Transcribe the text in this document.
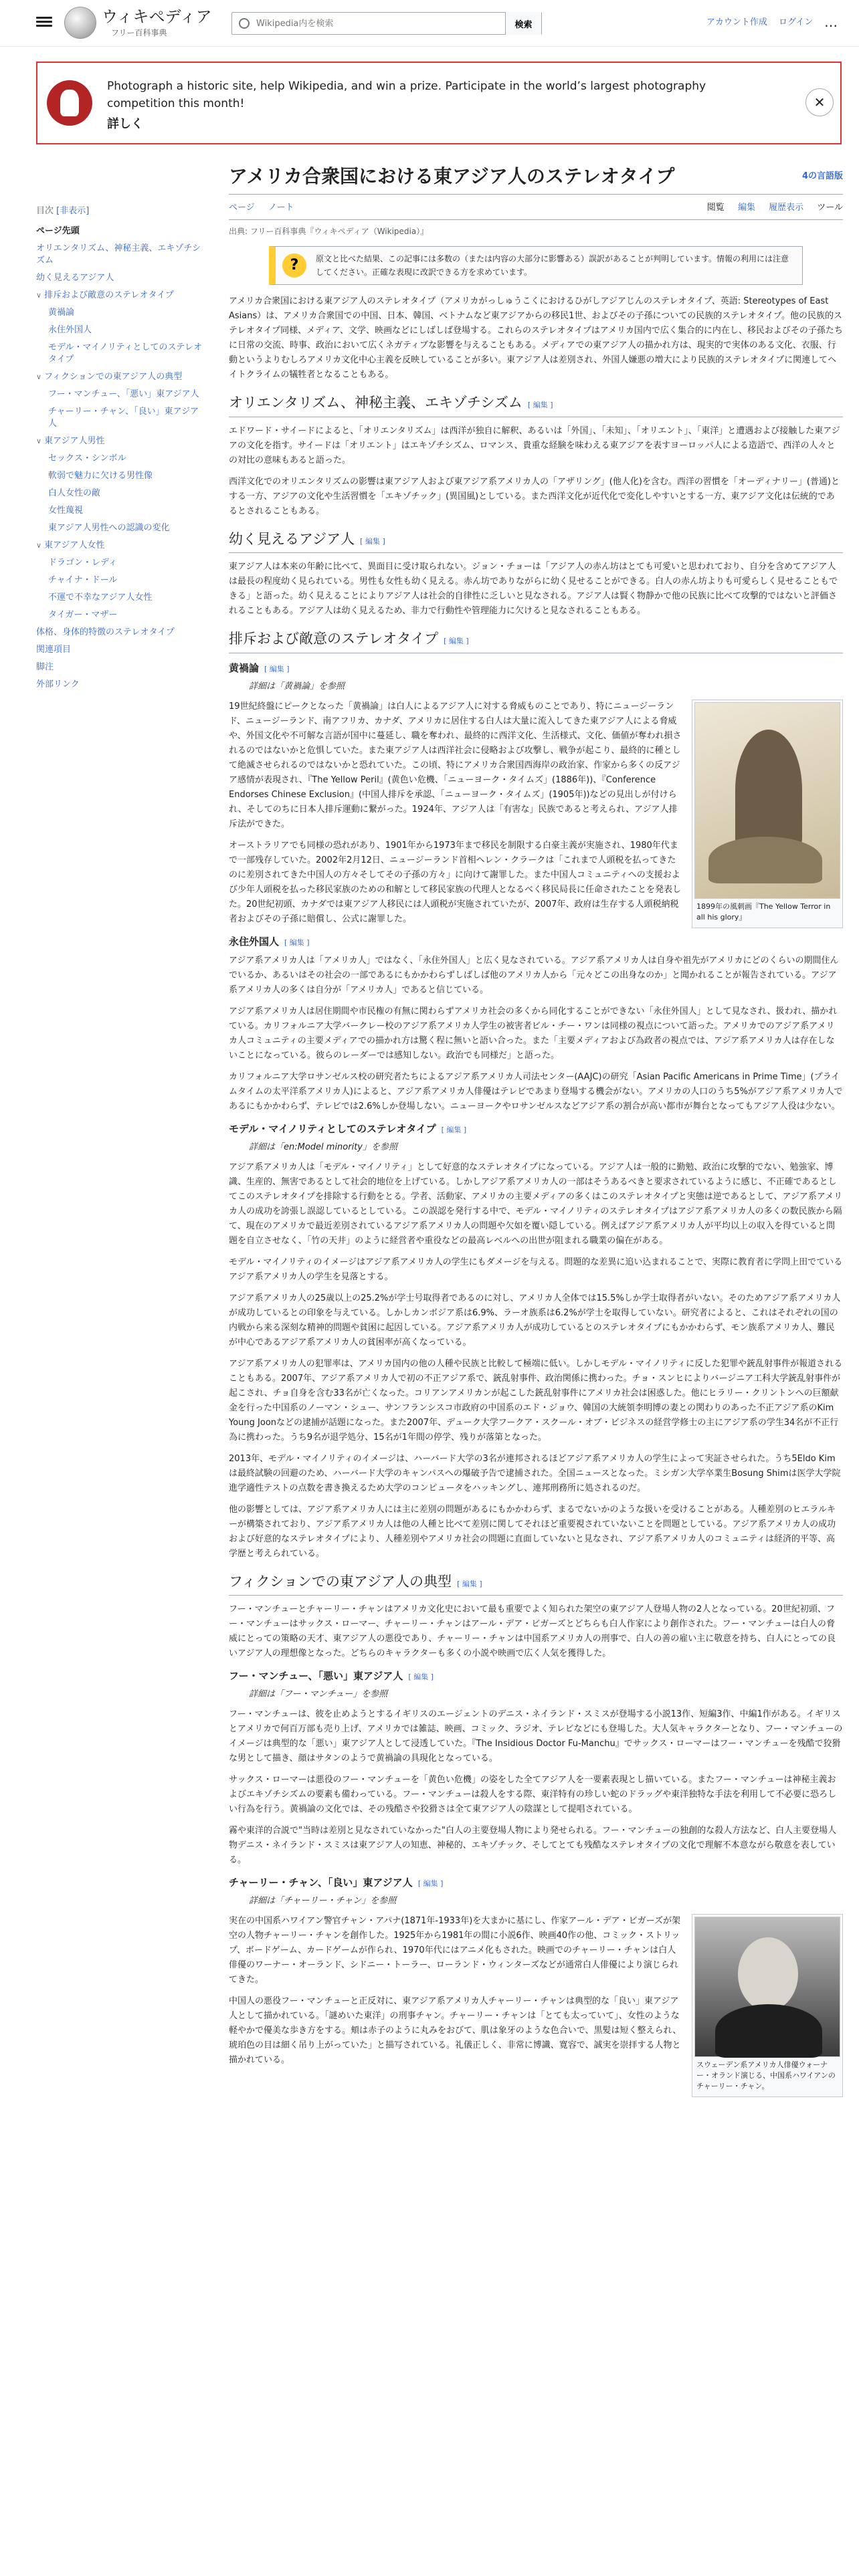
ウィキペディア
フリー百科事典
Wikipedia内を検索
検索	アカウント作成 ログイン ⋯
Photograph a historic site, help Wikipedia, and win a prize. Participate in the world’s largest photography competition this month!
詳しく
✕
目次 [非表示]
ページ先頭
オリエンタリズム、神秘主義、エキゾチシズム
幼く見えるアジア人
∨ 排斥および敵意のステレオタイプ
黄禍論
永住外国人
モデル・マイノリティとしてのステレオタイプ
∨ フィクションでの東アジア人の典型
フー・マンチュー、「悪い」東アジア人
チャーリー・チャン、「良い」東アジア人
∨ 東アジア人男性
セックス・シンボル
軟弱で魅力に欠ける男性像
白人女性の敵
女性蔑視
東アジア人男性への認識の変化
∨ 東アジア人女性
ドラゴン・レディ
チャイナ・ドール
不運で不幸なアジア人女性
タイガー・マザー
体格、身体的特徴のステレオタイプ
関連項目
脚注
外部リンク
アメリカ合衆国における東アジア人のステレオタイプ	4の言語版
ページ ノート	閲覧 編集 履歴表示 ツール
出典: フリー百科事典『ウィキペディア（Wikipedia）』
?	原文と比べた結果、この記事には多数の（または内容の大部分に影響ある）誤訳があることが判明しています。情報の利用には注意してください。正確な表現に改訳できる方を求めています。

アメリカ合衆国における東アジア人のステレオタイプ（アメリカがっしゅうこくにおけるひがしアジアじんのステレオタイプ、英語: Stereotypes of East Asians）は、アメリカ合衆国での中国、日本、韓国、ベトナムなど東アジアからの移民1世、およびその子孫についての民族的ステレオタイプ。他の民族的ステレオタイプ同様、メディア、文学、映画などにしばしば登場する。これらのステレオタイプはアメリカ国内で広く集合的に内在し、移民およびその子孫たちに日常の交流、時事、政治において広くネガティブな影響を与えることもある。メディアでの東アジア人の描かれ方は、現実的で実体のある文化、衣服、行動というよりむしろアメリカ文化中心主義を反映していることが多い。東アジア人は差別され、外国人嫌悪の増大により民族的ステレオタイプに関連してヘイトクライムの犠牲者となることもある。

オリエンタリズム、神秘主義、エキゾチシズム [ 編集 ]

エドワード・サイードによると、「オリエンタリズム」は西洋が独自に解釈、あるいは「外国」、「未知」、「オリエント」、「東洋」と遭遇および接触した東アジアの文化を指す。サイードは「オリエント」はエキゾチシズム、ロマンス、貴重な経験を味わえる東アジアを表すヨーロッパ人による造語で、西洋の人々との対比の意味もあると語った。

西洋文化でのオリエンタリズムの影響は東アジア人および東アジア系アメリカ人の「アザリング」(他人化)を含む。西洋の習慣を「オーディナリー」(普通)とする一方、アジアの文化や生活習慣を「エキゾチック」(異国風)としている。また西洋文化が近代化で変化しやすいとする一方、東アジア文化は伝統的であるとされることもある。

幼く見えるアジア人 [ 編集 ]

東アジア人は本来の年齢に比べて、異面目に受け取られない。ジョン・チョーは「アジア人の赤ん坊はとても可愛いと思われており、自分を含めてアジア人は最長の程度幼く見られている。男性も女性も幼く見える。赤ん坊でありながらに幼く見せることができる。白人の赤ん坊よりも可愛らしく見せることもできる」と語った。幼く見えることによりアジア人は社会的自律性に乏しいと見なされる。アジア人は賢く物静かで他の民族に比べて攻撃的ではないと評価されることもある。アジア人は幼く見えるため、非力で行動性や管理能力に欠けると見なされることもある。

排斥および敵意のステレオタイプ [ 編集 ]
黄禍論 [ 編集 ]
詳細は「黄禍論」を参照
1899年の風刺画『The Yellow Terror in all his glory』

19世紀終盤にピークとなった「黄禍論」は白人によるアジア人に対する脅威ものことであり、特にニュージーランド、ニュージーランド、南アフリカ、カナダ、アメリカに居住する白人は大量に流入してきた東アジア人による脅威や、外国文化や不可解な言語が国中に蔓延し、職を奪われ、最終的に西洋文化、生活様式、文化、価値が奪われ損されるのではないかと危惧していた。また東アジア人は西洋社会に侵略および攻撃し、戦争が起こり、最終的に種として絶滅させられるのではないかと恐れていた。この頃、特にアメリカ合衆国西海岸の政治家、作家から多くの反アジア感情が表現され、『The Yellow Peril』(黄色い危機、「ニューヨーク・タイムズ」(1886年))、『Conference Endorses Chinese Exclusion』(中国人排斥を承認、「ニューヨーク・タイムズ」(1905年))などの見出しが付けられ、そしてのちに日本人排斥運動に繋がった。1924年、アジア人は「有害な」民族であると考えられ、アジア人排斥法ができた。

オーストラリアでも同様の恐れがあり、1901年から1973年まで移民を制限する白豪主義が実施され、1980年代まで一部残存していた。2002年2月12日、ニュージーランド首相ヘレン・クラークは「これまで人頭税を払ってきたのに差別されてきた中国人の方々そしてその子孫の方々」に向けて謝罪した。また中国人コミュニティへの支援および少年人頭税を払った移民家族のための和解として移民家族の代理人となるべく移民局長に任命されたことを発表した。20世紀初頭、カナダでは東アジア人移民には人頭税が実施されていたが、2007年、政府は生存する人頭税納税者およびその子孫に賠償し、公式に謝罪した。

永住外国人 [ 編集 ]

アジア系アメリカ人は「アメリカ人」ではなく、「永住外国人」と広く見なされている。アジア系アメリカ人は自身や祖先がアメリカにどのくらいの期間住んでいるか、あるいはその社会の一部であるにもかかわらずしばしば他のアメリカ人から「元々どこの出身なのか」と聞かれることが報告されている。アジア系アメリカ人の多くは自分が「アメリカ人」であると信じている。

アジア系アメリカ人は居住期間や市民権の有無に関わらずアメリカ社会の多くから同化することができない「永住外国人」として見なされ、扱われ、描かれている。カリフォルニア大学バークレー校のアジア系アメリカ人学生の被害者ビル・チー・ワンは同様の視点について語った。アメリカでのアジア系アメリカ人コミュニティの主要メディアでの描かれ方は驚く程に無いと語い合った。また「主要メディアおよび為政者の視点では、アジア系アメリカ人は存在しないことになっている。彼らのレーダーでは感知しない。政治でも同様だ」と語った。

カリフォルニア大学ロサンゼルス校の研究者たちによるアジア系アメリカ人司法センター(AAJC)の研究「Asian Pacific Americans in Prime Time」(プライムタイムの太平洋系アメリカ人)によると、アジア系アメリカ人俳優はテレビであまり登場する機会がない。アメリカの人口のうち5%がアジア系アメリカ人であるにもかかわらず、テレビでは2.6%しか登場しない。ニューヨークやロサンゼルスなどアジア系の割合が高い都市が舞台となってもアジア人役は少ない。

モデル・マイノリティとしてのステレオタイプ [ 編集 ]
詳細は「en:Model minority」を参照

アジア系アメリカ人は「モデル・マイノリティ」として好意的なステレオタイプになっている。アジア人は一般的に勤勉、政治に攻撃的でない、勉強家、博識、生産的、無害であるとして社会的地位を上げている。しかしアジア系アメリカ人の一部はそうあるべきと要求されているように感じ、不正確であるとしてこのステレオタイプを排除する行動をとる。学者、活動家、アメリカの主要メディアの多くはこのステレオタイプと実態は逆であるとして、アジア系アメリカ人の成功を誇張し誤認しているとしている。この誤認を発行する中で、モデル・マイノリティのステレオタイプはアジア系アメリカ人の多くの数民族から隔て、現在のアメリカで最近差別されているアジア系アメリカ人の問題や欠如を覆い隠している。例えばアジア系アメリカ人が平均以上の収入を得ていると問題を自立させなく、「竹の天井」のように経営者や重役などの最高レベルへの出世が阻まれる職業の偏在がある。

モデル・マイノリティのイメージはアジア系アメリカ人の学生にもダメージを与える。問題的な差異に追い込まれることで、実際に教育者に学問上田でているアジア系アメリカ人の学生を見落とする。

アジア系アメリカ人の25歳以上の25.2%が学士号取得者であるのに対し、アメリカ人全体では15.5%しか学士取得者がいない。そのためアジア系アメリカ人が成功しているとの印象を与えている。しかしカンボジア系は6.9%、ラーオ族系は6.2%が学士を取得していない。研究者によると、これはそれぞれの国の内戦から来る深刻な精神的問題や貧困に起因している。アジア系アメリカ人が成功しているとのステレオタイプにもかかわらず、モン族系アメリカ人、難民が中心であるアジア系アメリカ人の貧困率が高くなっている。

アジア系アメリカ人の犯罪率は、アメリカ国内の他の人種や民族と比較して極端に低い。しかしモデル・マイノリティに反した犯罪や銃乱射事件が報道されることもある。2007年、アジア系アメリカ人で初の不正アジア系で、銃乱射事件、政治関係に携わった。チョ・スンヒによりバージニア工科大学銃乱射事件が起こされ、チョ自身を含む33名が亡くなった。コリアンアメリカンが起こした銃乱射事件にアメリカ社会は困惑した。他にヒラリー・クリントンへの巨額献金を行った中国系のノーマン・シュー、サンフランシスコ市政府の中国系のエド・ジョウ、韓国の大統領李明博の妻との関わりのあった不正アジア系のKim Young Joonなどの逮捕が話題になった。また2007年、デューク大学フークア・スクール・オブ・ビジネスの経営学修士の主にアジア系の学生34名が不正行為に携わった。うち9名が退学処分、15名が1年間の停学、残りが落第となった。

2013年、モデル・マイノリティのイメージは、ハーバード大学の3名が連邦されるほどアジア系アメリカ人の学生によって実証させられた。うち5Eldo Kimは最終試験の回避のため、ハーバード大学のキャンパスへの爆破予告で逮捕された。全国ニュースとなった。ミシガン大学卒業生Bosung Shimは医学大学院進学適性テストの点数を書き換えるため大学のコンピュータをハッキングし、連邦刑務所に処されるのだ。

他の影響としては、アジア系アメリカ人には主に差別の問題があるにもかかわらず、まるでないかのような扱いを受けることがある。人種差別のヒエラルキーが構築されており、アジア系アメリカ人は他の人種と比べて差別に関してそれほど重要視されていないことを問題としている。アジア系アメリカ人の成功および好意的なステレオタイプにより、人種差別やアメリカ社会の問題に直面していないと見なされ、アジア系アメリカ人のコミュニティは経済的平等、高学歴と考えられている。

フィクションでの東アジア人の典型 [ 編集 ]

フー・マンチューとチャーリー・チャンはアメリカ文化史において最も重要でよく知られた架空の東アジア人登場人物の2人となっている。20世紀初頭、フー・マンチューはサックス・ローマー、チャーリー・チャンはアール・デア・ビガーズとどちらも白人作家により創作された。フー・マンチューは白人の脅威にとっての策略の天才、東アジア人の悪役であり、チャーリー・チャンは中国系アメリカ人の刑事で、白人の善の雇い主に敬意を持ち、白人にとっての良いアジア人の理想像となった。どちらのキャラクターも多くの小説や映画で広く人気を獲得した。

フー・マンチュー、「悪い」東アジア人 [ 編集 ]
詳細は「フー・マンチュー」を参照

フー・マンチューは、彼を止めようとするイギリスのエージェントのデニス・ネイランド・スミスが登場する小説13作、短編3作、中編1作がある。イギリスとアメリカで何百万部も売り上げ、アメリカでは雑誌、映画、コミック、ラジオ、テレビなどにも登場した。大人気キャラクターとなり、フー・マンチューのイメージは典型的な「悪い」東アジア人として浸透していた。『The Insidious Doctor Fu-Manchu』でサックス・ローマーはフー・マンチューを残酷で狡猾な男として描き、顔はサタンのようで黄禍論の具現化となっている。

サックス・ローマーは悪役のフー・マンチューを「黄色い危機」の姿をした全てアジア人を一要素表現とし描いている。またフー・マンチューは神秘主義およびエキゾチシズムの要素も備わっている。フー・マンチューは殺人をする際、東洋特有の珍しい蛇のドラッグや東洋独特な手法を利用して不必要に恐ろしい行為を行う。黄禍論の文化では、その残酷さや狡猾さは全て東アジア人の陰謀として提唱されている。

霧や東洋的合説で"当時は差別と見なされていなかった"白人の主要登場人物により発せられる。フー・マンチューの独創的な殺人方法など、白人主要登場人物デニス・ネイランド・スミスは東アジア人の知恵、神秘的、エキゾチック、そしてとても残酷なステレオタイプの文化で理解不本意ながら敬意を表している。

チャーリー・チャン、「良い」東アジア人 [ 編集 ]
詳細は「チャーリー・チャン」を参照
スウェーデン系アメリカ人俳優ウォーナー・オランド演じる、中国系ハワイアンのチャーリー・チャン。

実在の中国系ハワイアン警官チャン・アパナ(1871年-1933年)を大まかに基にし、作家アール・デア・ビガーズが架空の人物チャーリー・チャンを創作した。1925年から1981年の間に小説6作、映画40作の他、コミック・ストリップ、ボードゲーム、カードゲームが作られ、1970年代にはアニメ化もされた。映画でのチャーリー・チャンは白人俳優のワーナー・オーランド、シドニー・トーラー、ローランド・ウィンターズなどが通常白人俳優により演じられてきた。

中国人の悪役フー・マンチューと正反対に、東アジア系アメリカ人チャーリー・チャンは典型的な「良い」東アジア人として描かれている。「謎めいた東洋」の刑事チャン。チャーリー・チャンは「とても太っていて」、女性のような軽やかで優美な歩き方をする。頬は赤子のように丸みをおびて、肌は象牙のような色合いで、黒髪は短く整えられ、琥珀色の目は細く吊り上がっていた」と描写されている。礼儀正しく、非常に博識、寛容で、誠実を崇拝する人物と描かれている。
